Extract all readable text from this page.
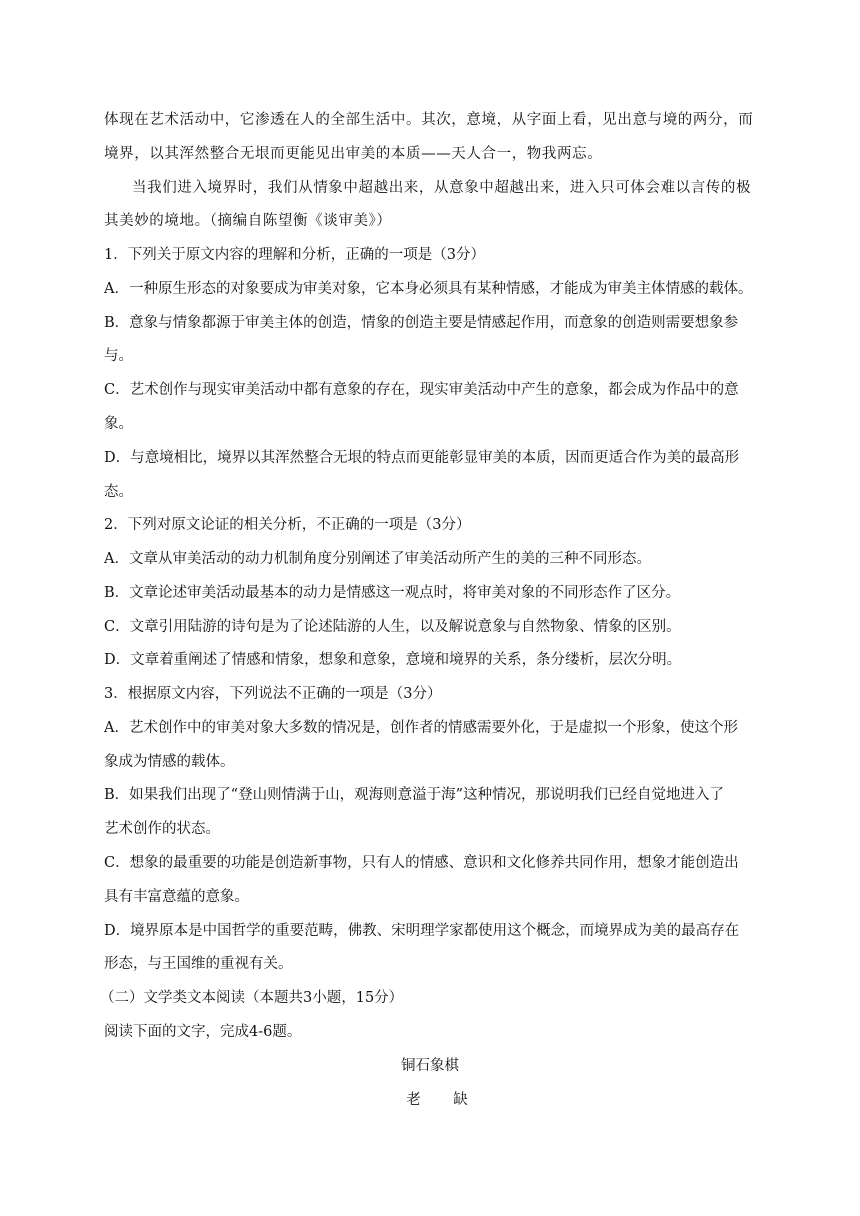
体现在艺术活动中，它渗透在人的全部生活中。其次，意境，从字面上看，见出意与境的两分，而
境界，以其浑然整合无垠而更能见出审美的本质——天人合一，物我两忘。
当我们进入境界时，我们从情象中超越出来，从意象中超越出来，进入只可体会难以言传的极
其美妙的境地。（摘编自陈望衡《谈审美》）
1．下列关于原文内容的理解和分析，正确的一项是（3分）
A．一种原生形态的对象要成为审美对象，它本身必须具有某种情感，才能成为审美主体情感的载体。
B．意象与情象都源于审美主体的创造，情象的创造主要是情感起作用，而意象的创造则需要想象参
与。
C．艺术创作与现实审美活动中都有意象的存在，现实审美活动中产生的意象，都会成为作品中的意
象。
D．与意境相比，境界以其浑然整合无垠的特点而更能彰显审美的本质，因而更适合作为美的最高形
态。
2．下列对原文论证的相关分析，不正确的一项是（3分）
A．文章从审美活动的动力机制角度分别阐述了审美活动所产生的美的三种不同形态。
B．文章论述审美活动最基本的动力是情感这一观点时，将审美对象的不同形态作了区分。
C．文章引用陆游的诗句是为了论述陆游的人生，以及解说意象与自然物象、情象的区别。
D．文章着重阐述了情感和情象，想象和意象，意境和境界的关系，条分缕析，层次分明。
3．根据原文内容，下列说法不正确的一项是（3分）
A．艺术创作中的审美对象大多数的情况是，创作者的情感需要外化，于是虚拟一个形象，使这个形
象成为情感的载体。
B．如果我们出现了“登山则情满于山，观海则意溢于海”这种情况，那说明我们已经自觉地进入了
艺术创作的状态。
C．想象的最重要的功能是创造新事物，只有人的情感、意识和文化修养共同作用，想象才能创造出
具有丰富意蕴的意象。
D．境界原本是中国哲学的重要范畴，佛教、宋明理学家都使用这个概念，而境界成为美的最高存在
形态，与王国维的重视有关。
（二）文学类文本阅读（本题共3小题，15分）
阅读下面的文字，完成4-6题。
铜石象棋
老 缺
